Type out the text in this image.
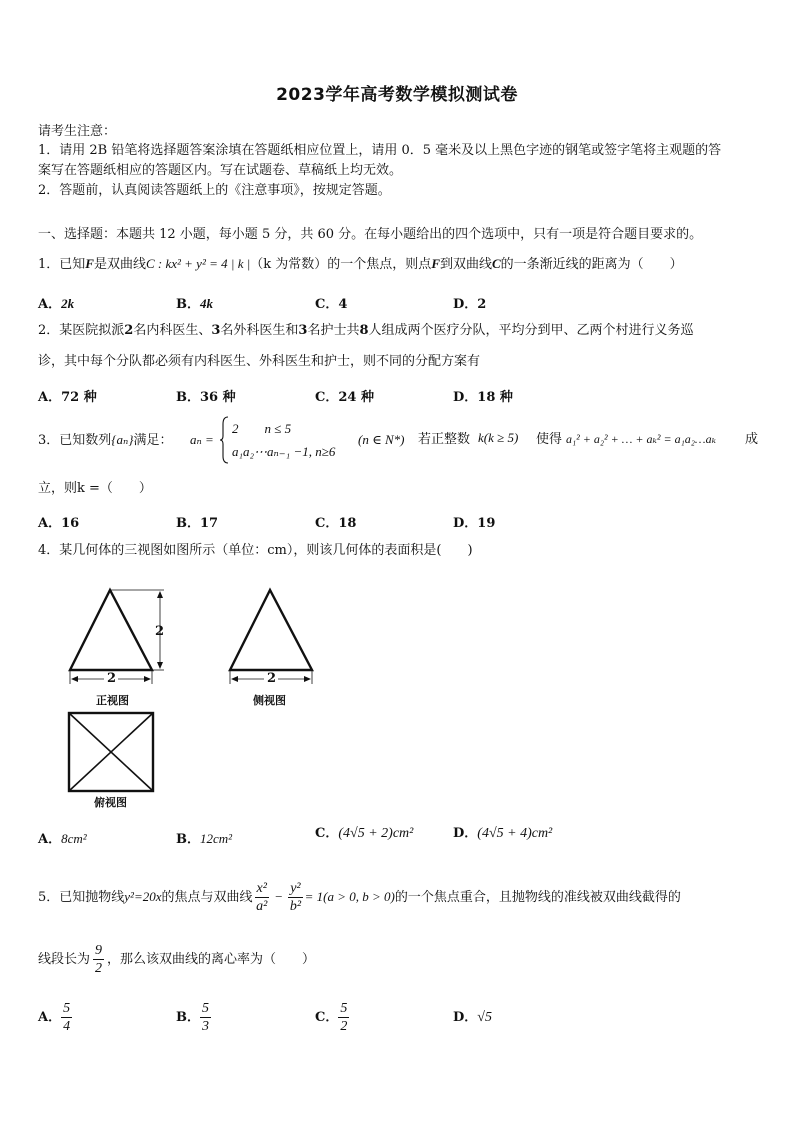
2023学年高考数学模拟测试卷
请考生注意：
1．请用 2B 铅笔将选择题答案涂填在答题纸相应位置上，请用 0．5 毫米及以上黑色字迹的钢笔或签字笔将主观题的答
案写在答题纸相应的答题区内。写在试题卷、草稿纸上均无效。
2．答题前，认真阅读答题纸上的《注意事项》，按规定答题。
一、选择题：本题共 12 小题，每小题 5 分，共 60 分。在每小题给出的四个选项中，只有一项是符合题目要求的。
1．已知F是双曲线C : kx² + y² = 4 | k |（k 为常数）的一个焦点，则点F到双曲线C的一条渐近线的距离为（　　）
A．2k	B．4k	C．4	D．2
2．某医院拟派2名内科医生、3名外科医生和3名护士共8人组成两个医疗分队，平均分到甲、乙两个村进行义务巡
诊，其中每个分队都必须有内科医生、外科医生和护士，则不同的分配方案有
A．72 种	B．36 种	C．24 种	D．18 种
3．已知数列{aₙ}满足： aₙ =
2　　n ≤ 5
a₁a₂⋯aₙ₋₁ −1, n≥6
(n ∈ N*) 若正整数 k(k ≥ 5) 使得 a₁² + a₂² + … + aₖ² = a₁a₂…aₖ 成
立，则k =（　　）
A．16	B．17	C．18	D．19
4．某几何体的三视图如图所示（单位：cm），则该几何体的表面积是(　　)
2
2
正视图
2
侧视图
俯视图
A．8cm²	B．12cm²	C．(4√5 + 2)cm²	D．(4√5 + 4)cm²
5．已知抛物线y²=20x的焦点与双曲线 $\frac{\text{x²}}{\text{a²}} - \frac{\text{y²}}{\text{b²}} = 1(a > 0$, b > 0)的一个焦点重合，且抛物线的准线被双曲线截得的
线段长为 $\frac{9}{2}$ ，那么该双曲线的离心率为（　　）
A． $\frac{5}{4}$	B． $\frac{5}{3}$	C． $\frac{5}{2}$	D．√5
